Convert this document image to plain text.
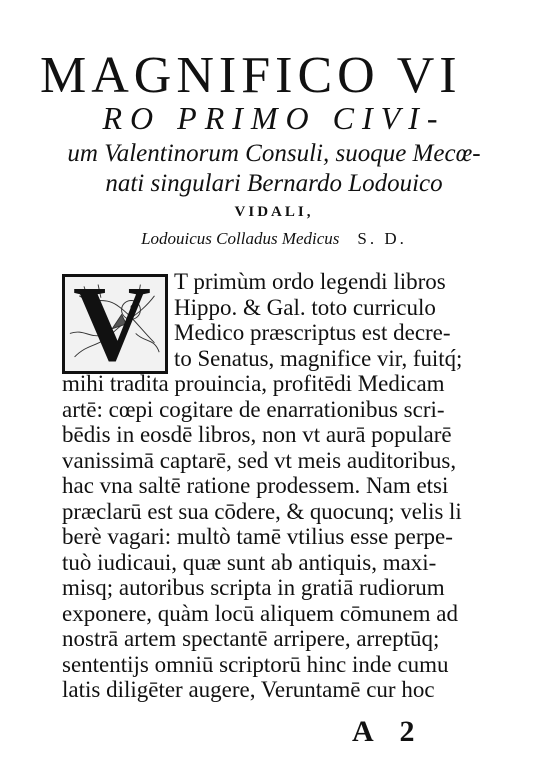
MAGNIFICO VI
RO PRIMO CIVI-
um Valentinorum Consuli, suoque Mecœ-
nati singulari Bernardo Lodouico
VIDALI,
Lodouicus Colladus Medicus S. D.
V T primùm ordo legendi libros
Hippo. & Gal. toto curriculo
Medico præscriptus est decre-
to Senatus, magnifice vir, fuitq́;
mihi tradita prouincia, profitēdi Medicam
artē: cœpi cogitare de enarrationibus scri-
bēdis in eosdē libros, non vt aurā popularē
vanissimā captarē, sed vt meis auditoribus,
hac vna saltē ratione prodessem. Nam etsi
præclarū est sua cōdere, & quocunq; velis li
berè vagari: multò tamē vtilius esse perpe-
tuò iudicaui, quæ sunt ab antiquis, maxi-
misq; autoribus scripta in gratiā rudiorum
exponere, quàm locū aliquem cōmunem ad
nostrā artem spectantē arripere, arreptūq;
sententijs omniū scriptorū hinc inde cumu
latis diligēter augere, Veruntamē cur hoc
A 2
